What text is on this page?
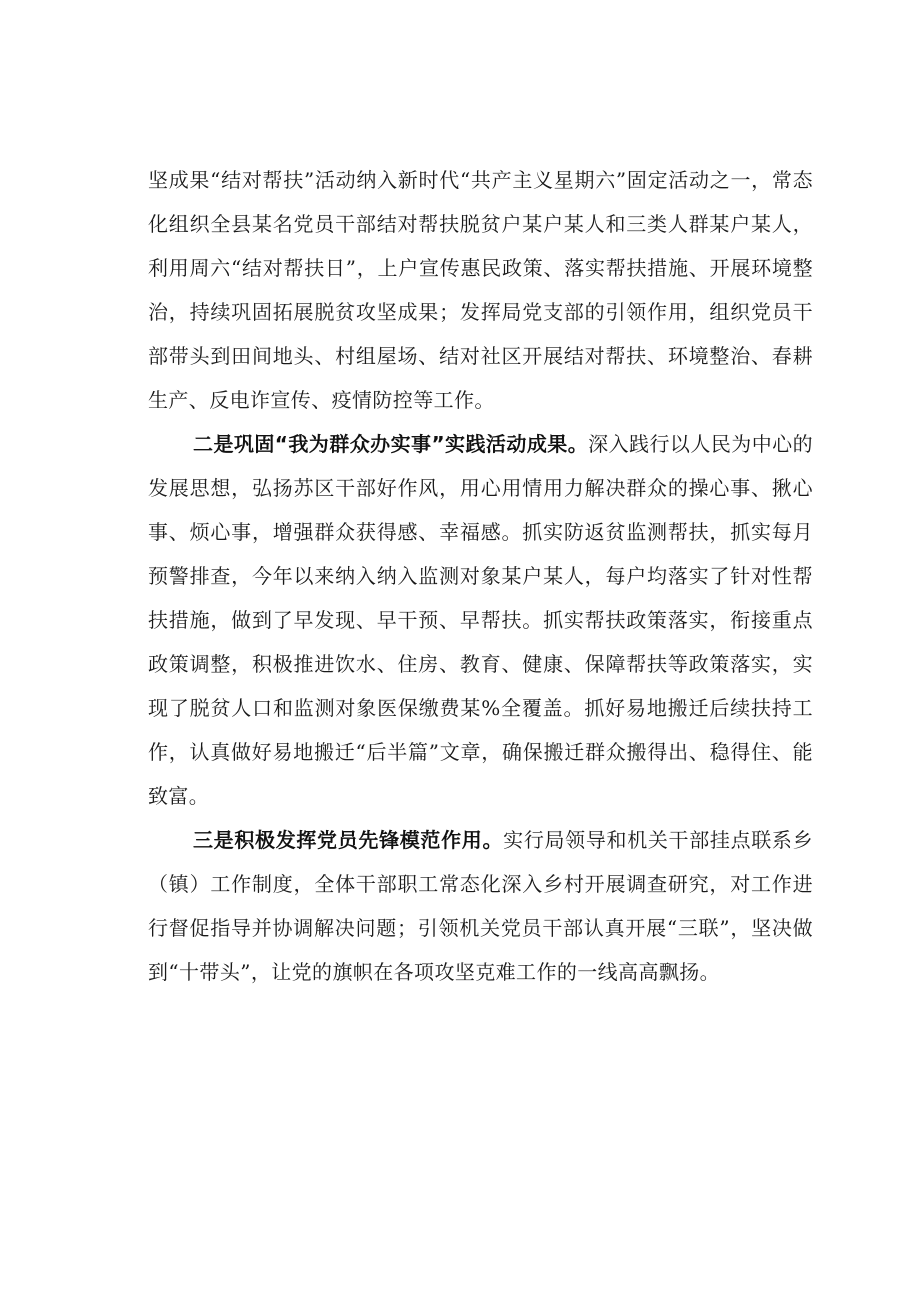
坚成果“结对帮扶”活动纳入新时代“共产主义星期六”固定活动之一，常态化组织全县某名党员干部结对帮扶脱贫户某户某人和三类人群某户某人，利用周六“结对帮扶日”，上户宣传惠民政策、落实帮扶措施、开展环境整治，持续巩固拓展脱贫攻坚成果；发挥局党支部的引领作用，组织党员干部带头到田间地头、村组屋场、结对社区开展结对帮扶、环境整治、春耕生产、反电诈宣传、疫情防控等工作。

二是巩固“我为群众办实事”实践活动成果。深入践行以人民为中心的发展思想，弘扬苏区干部好作风，用心用情用力解决群众的操心事、揪心事、烦心事，增强群众获得感、幸福感。抓实防返贫监测帮扶，抓实每月预警排查，今年以来纳入纳入监测对象某户某人，每户均落实了针对性帮扶措施，做到了早发现、早干预、早帮扶。抓实帮扶政策落实，衔接重点政策调整，积极推进饮水、住房、教育、健康、保障帮扶等政策落实，实现了脱贫人口和监测对象医保缴费某%全覆盖。抓好易地搬迁后续扶持工作，认真做好易地搬迁“后半篇”文章，确保搬迁群众搬得出、稳得住、能致富。

三是积极发挥党员先锋模范作用。实行局领导和机关干部挂点联系乡（镇）工作制度，全体干部职工常态化深入乡村开展调查研究，对工作进行督促指导并协调解决问题；引领机关党员干部认真开展“三联”，坚决做到“十带头”，让党的旗帜在各项攻坚克难工作的一线高高飘扬。
